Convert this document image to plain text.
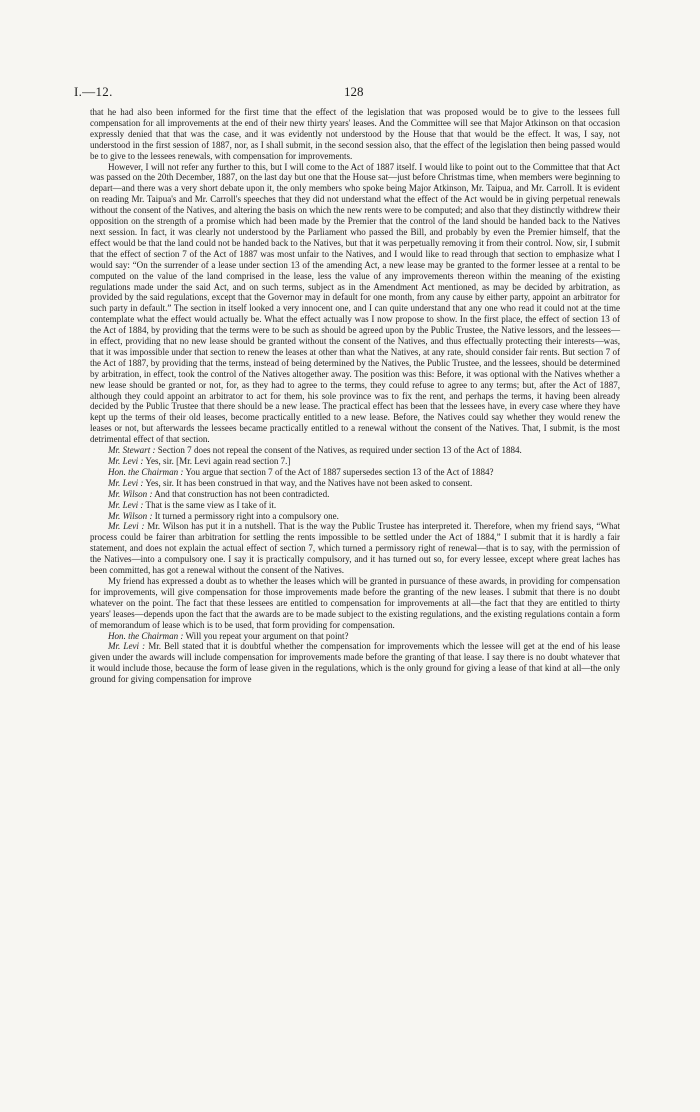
I.—12.	128

that he had also been informed for the first time that the effect of the legislation that was proposed would be to give to the lessees full compensation for all improvements at the end of their new thirty years' leases. And the Committee will see that Major Atkinson on that occasion expressly denied that that was the case, and it was evidently not understood by the House that that would be the effect. It was, I say, not understood in the first session of 1887, nor, as I shall submit, in the second session also, that the effect of the legislation then being passed would be to give to the lessees renewals, with compensation for improvements.

However, I will not refer any further to this, but I will come to the Act of 1887 itself. I would like to point out to the Committee that that Act was passed on the 20th December, 1887, on the last day but one that the House sat—just before Christmas time, when members were beginning to depart—and there was a very short debate upon it, the only members who spoke being Major Atkinson, Mr. Taipua, and Mr. Carroll. It is evident on reading Mr. Taipua's and Mr. Carroll's speeches that they did not understand what the effect of the Act would be in giving perpetual renewals without the consent of the Natives, and altering the basis on which the new rents were to be computed; and also that they distinctly withdrew their opposition on the strength of a promise which had been made by the Premier that the control of the land should be handed back to the Natives next session. In fact, it was clearly not understood by the Parliament who passed the Bill, and probably by even the Premier himself, that the effect would be that the land could not be handed back to the Natives, but that it was perpetually removing it from their control. Now, sir, I submit that the effect of section 7 of the Act of 1887 was most unfair to the Natives, and I would like to read through that section to emphasize what I would say: “On the surrender of a lease under section 13 of the amending Act, a new lease may be granted to the former lessee at a rental to be computed on the value of the land comprised in the lease, less the value of any improvements thereon within the meaning of the existing regulations made under the said Act, and on such terms, subject as in the Amendment Act mentioned, as may be decided by arbitration, as provided by the said regulations, except that the Governor may in default for one month, from any cause by either party, appoint an arbitrator for such party in default.” The section in itself looked a very innocent one, and I can quite understand that any one who read it could not at the time contemplate what the effect would actually be. What the effect actually was I now propose to show. In the first place, the effect of section 13 of the Act of 1884, by providing that the terms were to be such as should be agreed upon by the Public Trustee, the Native lessors, and the lessees—in effect, providing that no new lease should be granted without the consent of the Natives, and thus effectually protecting their interests—was, that it was impossible under that section to renew the leases at other than what the Natives, at any rate, should consider fair rents. But section 7 of the Act of 1887, by providing that the terms, instead of being determined by the Natives, the Public Trustee, and the lessees, should be determined by arbitration, in effect, took the control of the Natives altogether away. The position was this: Before, it was optional with the Natives whether a new lease should be granted or not, for, as they had to agree to the terms, they could refuse to agree to any terms; but, after the Act of 1887, although they could appoint an arbitrator to act for them, his sole province was to fix the rent, and perhaps the terms, it having been already decided by the Public Trustee that there should be a new lease. The practical effect has been that the lessees have, in every case where they have kept up the terms of their old leases, become practically entitled to a new lease. Before, the Natives could say whether they would renew the leases or not, but afterwards the lessees became practically entitled to a renewal without the consent of the Natives. That, I submit, is the most detrimental effect of that section.

Mr. Stewart : Section 7 does not repeal the consent of the Natives, as required under section 13 of the Act of 1884.

Mr. Levi : Yes, sir. [Mr. Levi again read section 7.]

Hon. the Chairman : You argue that section 7 of the Act of 1887 supersedes section 13 of the Act of 1884?

Mr. Levi : Yes, sir. It has been construed in that way, and the Natives have not been asked to consent.

Mr. Wilson : And that construction has not been contradicted.

Mr. Levi : That is the same view as I take of it.

Mr. Wilson : It turned a permissory right into a compulsory one.

Mr. Levi : Mr. Wilson has put it in a nutshell. That is the way the Public Trustee has interpreted it. Therefore, when my friend says, “What process could be fairer than arbitration for settling the rents impossible to be settled under the Act of 1884,” I submit that it is hardly a fair statement, and does not explain the actual effect of section 7, which turned a permissory right of renewal—that is to say, with the permission of the Natives—into a compulsory one. I say it is practically compulsory, and it has turned out so, for every lessee, except where great laches has been committed, has got a renewal without the consent of the Natives.

My friend has expressed a doubt as to whether the leases which will be granted in pursuance of these awards, in providing for compensation for improvements, will give compensation for those improvements made before the granting of the new leases. I submit that there is no doubt whatever on the point. The fact that these lessees are entitled to compensation for improvements at all—the fact that they are entitled to thirty years' leases—depends upon the fact that the awards are to be made subject to the existing regulations, and the existing regulations contain a form of memorandum of lease which is to be used, that form providing for compensation.

Hon. the Chairman : Will you repeat your argument on that point?

Mr. Levi : Mr. Bell stated that it is doubtful whether the compensation for improvements which the lessee will get at the end of his lease given under the awards will include compensation for improvements made before the granting of that lease. I say there is no doubt whatever that it would include those, because the form of lease given in the regulations, which is the only ground for giving a lease of that kind at all—the only ground for giving compensation for improve
